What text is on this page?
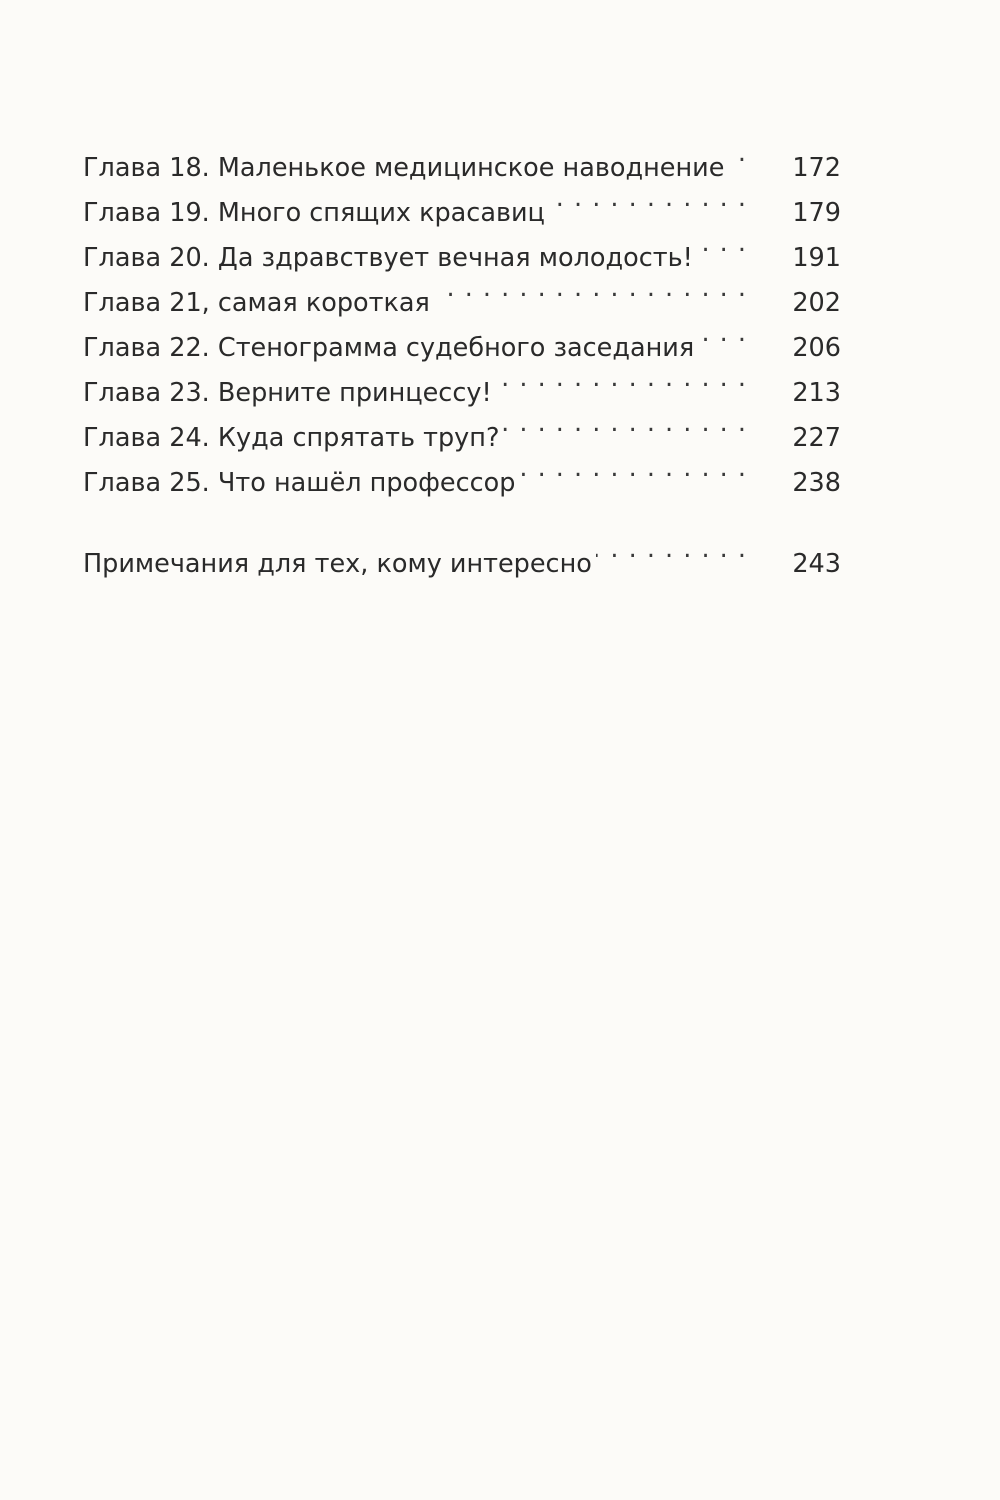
Глава 18. Маленькое медицинское наводнение . . .	172
Глава 19. Много спящих красавиц . . .	179
Глава 20. Да здравствует вечная молодость! . . .	191
Глава 21, самая короткая . . .	202
Глава 22. Стенограмма судебного заседания . . .	206
Глава 23. Верните принцессу! . . .	213
Глава 24. Куда спрятать труп? . . .	227
Глава 25. Что нашёл профессор . . .	238
Примечания для тех, кому интересно . . .	243
